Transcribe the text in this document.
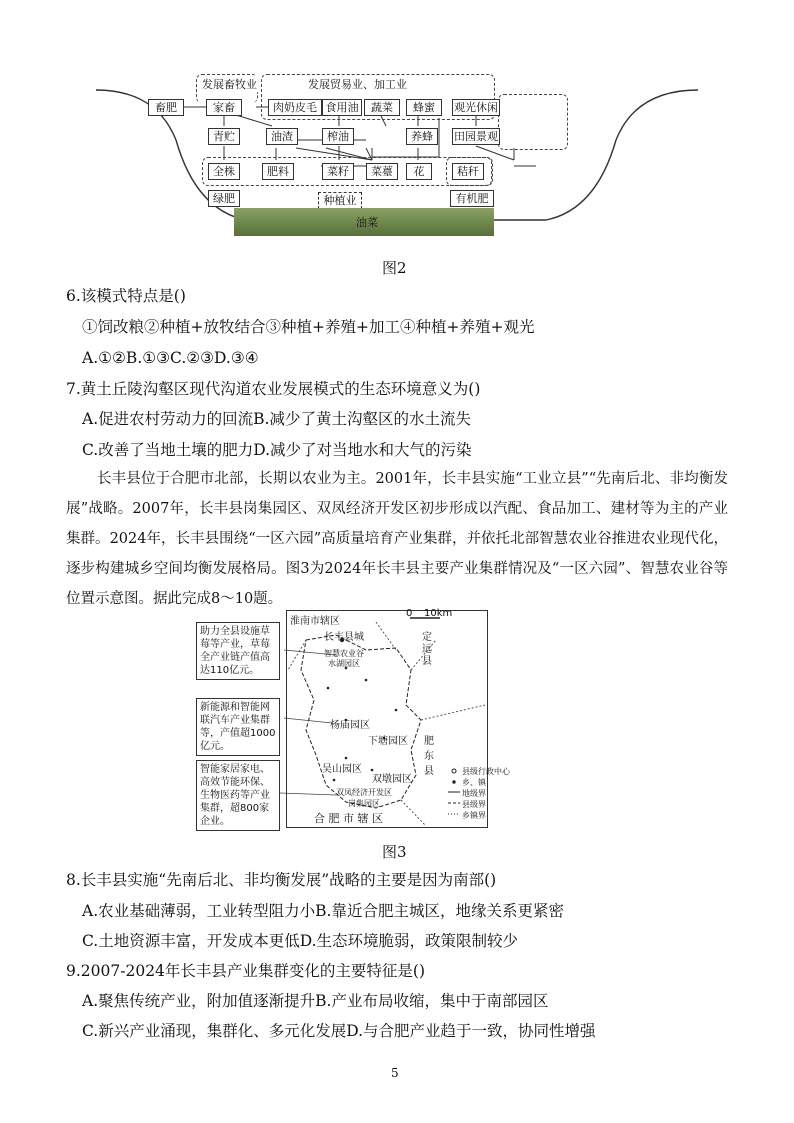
发展畜牧业	发展贸易业、加工业
畜肥	家畜	肉奶皮毛 食用油	蔬菜	蜂蜜	观光休闲
青贮	油渣	榨油	养蜂	田园景观
全株	肥料	菜籽	菜薹	花	秸秆
绿肥	种植业	有机肥
油菜
图2
6.该模式特点是()
①饲改粮②种植+放牧结合③种植+养殖+加工④种植+养殖+观光
A.①②B.①③C.②③D.③④
7.黄土丘陵沟壑区现代沟道农业发展模式的生态环境意义为()
A.促进农村劳动力的回流B.减少了黄土沟壑区的水土流失
C.改善了当地土壤的肥力D.减少了对当地水和大气的污染
长丰县位于合肥市北部，长期以农业为主。2001年，长丰县实施“工业立县”“先南后北、非均衡发展”战略。2007年，长丰县岗集园区、双凤经济开发区初步形成以汽配、食品加工、建材等为主的产业集群。2024年，长丰县围绕“一区六园”高质量培育产业集群，并依托北部智慧农业谷推进农业现代化，逐步构建城乡空间均衡发展格局。图3为2024年长丰县主要产业集群情况及“一区六园”、智慧农业谷等位置示意图。据此完成8～10题。
助力全县设施草莓等产业，草莓全产业链产值高达110亿元。
新能源和智能网联汽车产业集群等，产值超1000亿元。
智能家居家电、高效节能环保、生物医药等产业集群，超800家企业。
淮南市辖区
0 10km
长丰县城
智慧农业谷
水湖园区
定远县
杨庙园区
下塘园区 肥东县
吴山园区
双墩园区
双凤经济开发区
岗集园区
合 肥 市 辖 区
县级行政中心
乡、镇
地级界
县级界
乡镇界
图3
8.长丰县实施“先南后北、非均衡发展”战略的主要是因为南部()
A.农业基础薄弱，工业转型阻力小B.靠近合肥主城区，地缘关系更紧密
C.土地资源丰富，开发成本更低D.生态环境脆弱，政策限制较少
9.2007-2024年长丰县产业集群变化的主要特征是()
A.聚焦传统产业，附加值逐渐提升B.产业布局收缩，集中于南部园区
C.新兴产业涌现，集群化、多元化发展D.与合肥产业趋于一致，协同性增强
5
